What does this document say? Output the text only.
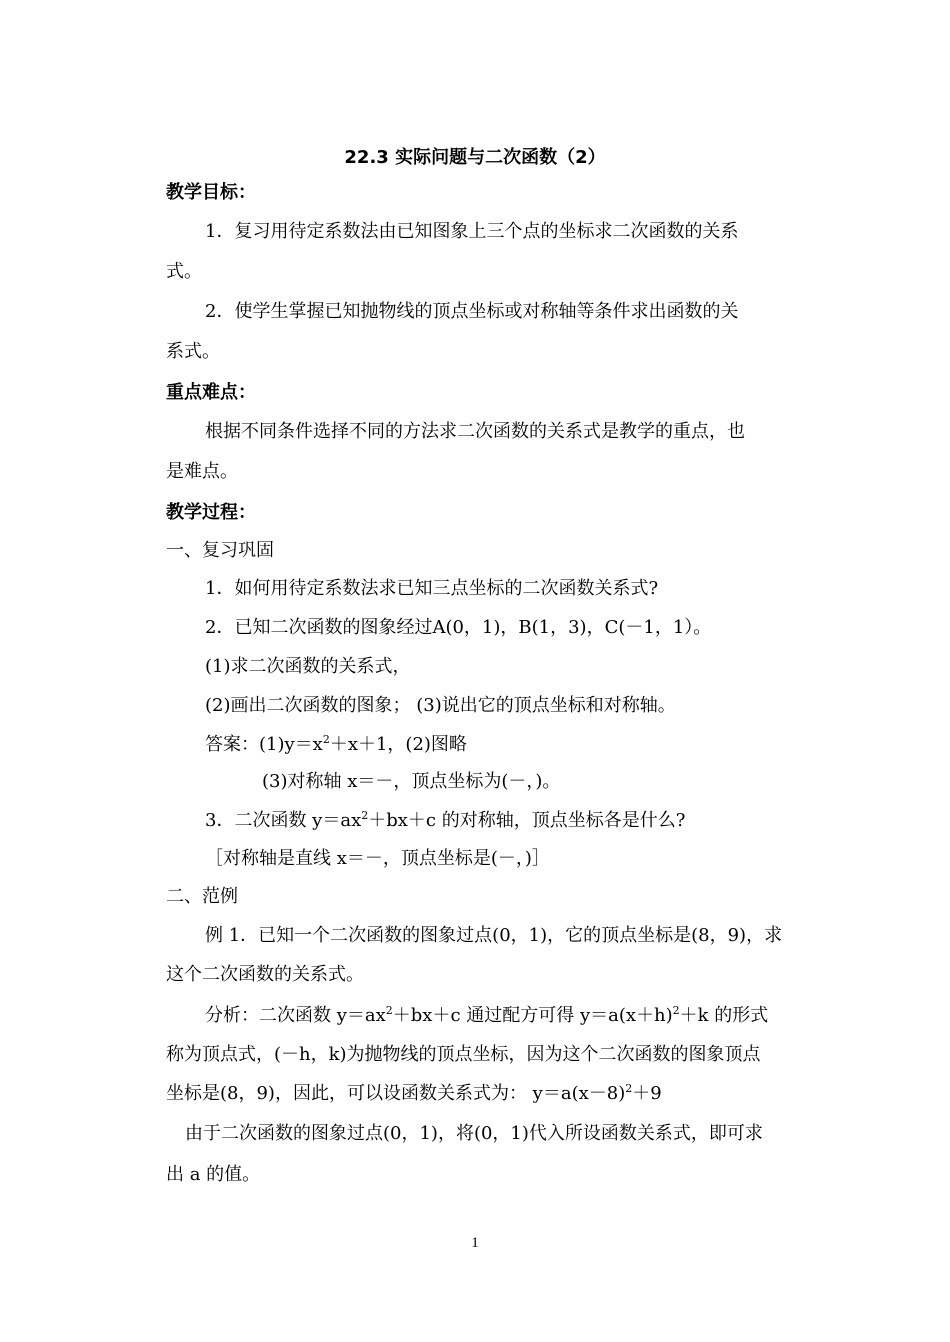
22.3 实际问题与二次函数（2）
教学目标：
1．复习用待定系数法由已知图象上三个点的坐标求二次函数的关系
式。
2．使学生掌握已知抛物线的顶点坐标或对称轴等条件求出函数的关
系式。
重点难点：
根据不同条件选择不同的方法求二次函数的关系式是教学的重点，也
是难点。
教学过程：
一、复习巩固
1．如何用待定系数法求已知三点坐标的二次函数关系式?
2．已知二次函数的图象经过A(0，1)，B(1，3)，C(－1，1）。
(1)求二次函数的关系式，
(2)画出二次函数的图象； (3)说出它的顶点坐标和对称轴。
答案：$(1)y=x^2+x+1$，(2)图略
(3)对称轴 x＝－，顶点坐标为(－，)。
3．二次函数 $y=ax^2+bx+c$ 的对称轴，顶点坐标各是什么?
［对称轴是直线 x＝－，顶点坐标是(－，)］
二、范例
例 1．已知一个二次函数的图象过点(0，1)，它的顶点坐标是(8，9)，求
这个二次函数的关系式。
分析：二次函数 $y=ax^2+bx+c$ 通过配方可得 $y=a(x+h)^2+k$ 的形式
称为顶点式，(－h，k)为抛物线的顶点坐标，因为这个二次函数的图象顶点
坐标是(8，9)，因此，可以设函数关系式为： $y=a(x-8)^2+9$
由于二次函数的图象过点(0，1)，将(0，1)代入所设函数关系式，即可求
出 a 的值。
1
